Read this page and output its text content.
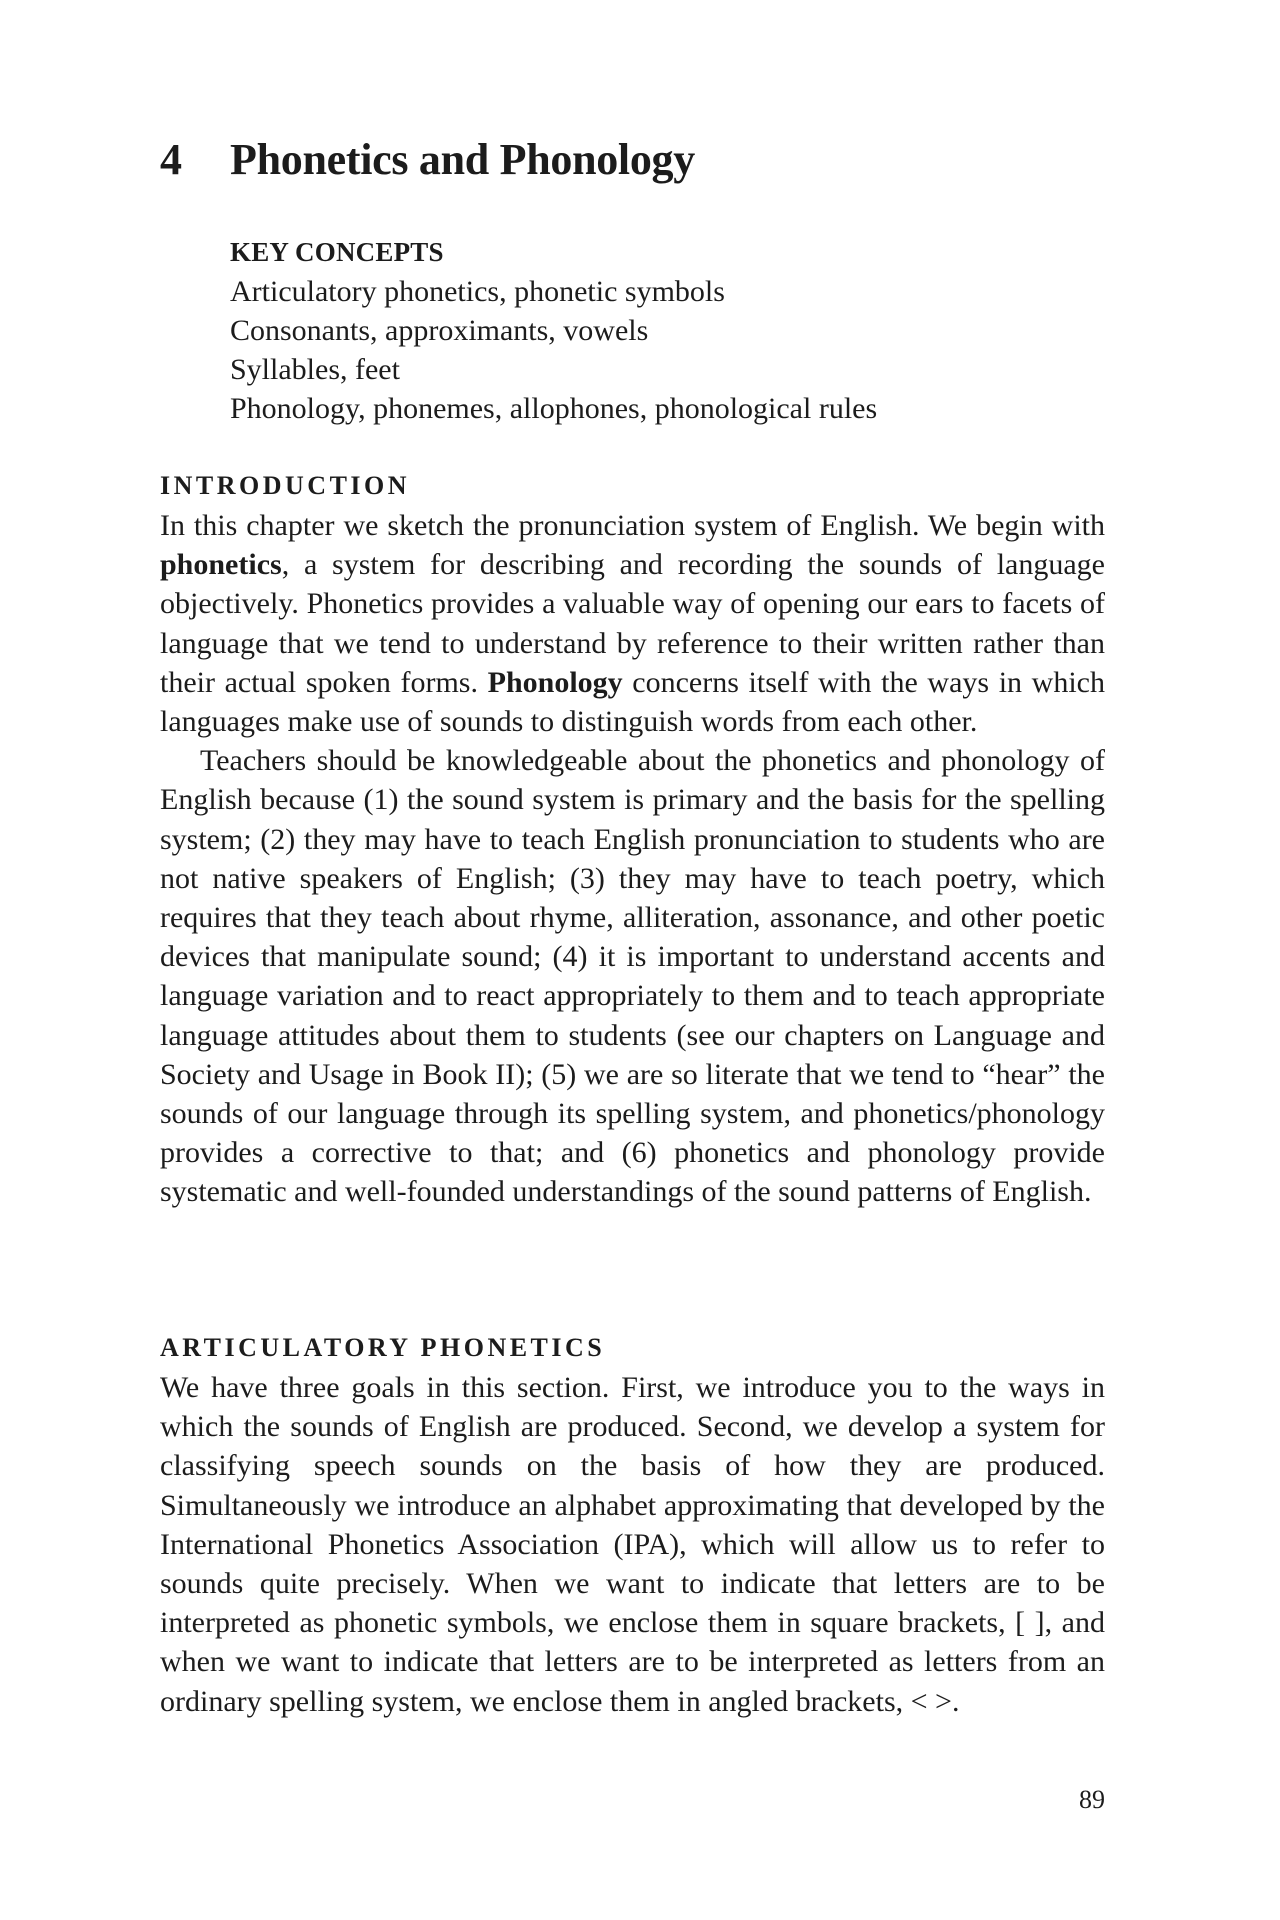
4 Phonetics and Phonology

KEY CONCEPTS

Articulatory phonetics, phonetic symbols
Consonants, approximants, vowels
Syllables, feet
Phonology, phonemes, allophones, phonological rules
INTRODUCTION

In this chapter we sketch the pronunciation system of English. We begin with phonetics, a system for describing and recording the sounds of language objectively. Phonetics provides a valuable way of opening our ears to facets of language that we tend to understand by reference to their written rather than their actual spoken forms. Phonology concerns itself with the ways in which languages make use of sounds to distinguish words from each other.

Teachers should be knowledgeable about the phonetics and phonology of English because (1) the sound system is primary and the basis for the spelling system; (2) they may have to teach English pronunciation to students who are not native speakers of English; (3) they may have to teach poetry, which requires that they teach about rhyme, alliteration, assonance, and other poetic devices that manipulate sound; (4) it is important to understand accents and language variation and to react appropriately to them and to teach appropriate language attitudes about them to students (see our chapters on Language and Society and Usage in Book II); (5) we are so literate that we tend to “hear” the sounds of our language through its spelling system, and phonetics/phonology provides a corrective to that; and (6) phonetics and phonology provide systematic and well-founded understandings of the sound patterns of English.

ARTICULATORY PHONETICS

We have three goals in this section. First, we introduce you to the ways in which the sounds of English are produced. Second, we develop a system for classifying speech sounds on the basis of how they are produced. Simultaneously we introduce an alphabet approximating that developed by the International Phonetics Association (IPA), which will allow us to refer to sounds quite precisely. When we want to indicate that letters are to be interpreted as phonetic symbols, we enclose them in square brackets, [ ], and when we want to indicate that letters are to be interpreted as letters from an ordinary spelling system, we enclose them in angled brackets, < >.

89
